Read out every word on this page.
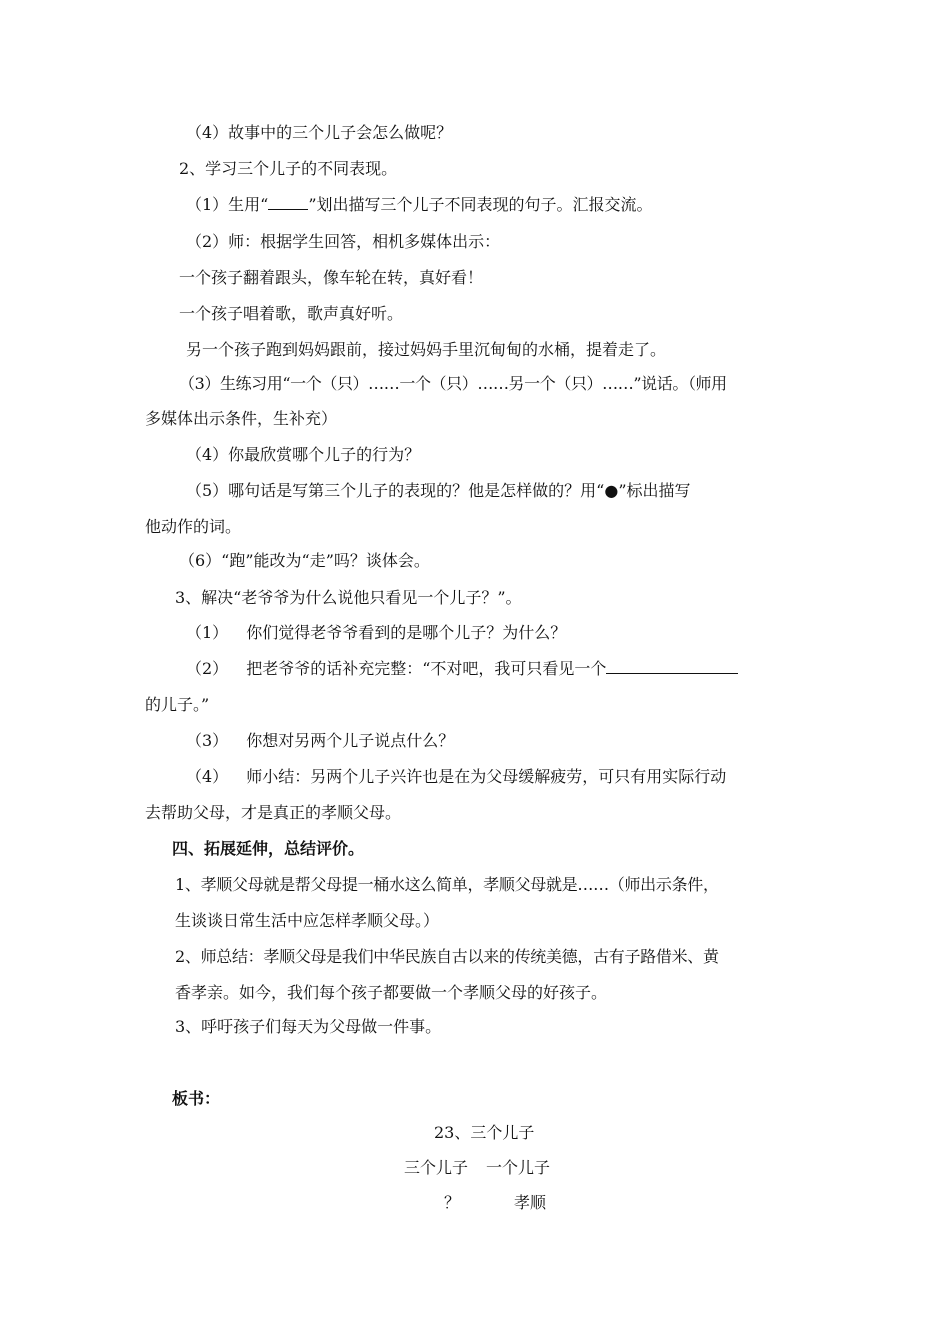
（4）故事中的三个儿子会怎么做呢？
2、学习三个儿子的不同表现。
（1）生用“	”划出描写三个儿子不同表现的句子。汇报交流。
（2）师：根据学生回答，相机多媒体出示：
一个孩子翻着跟头，像车轮在转，真好看！
一个孩子唱着歌，歌声真好听。
另一个孩子跑到妈妈跟前，接过妈妈手里沉甸甸的水桶，提着走了。
（3）生练习用“一个（只）……一个（只）……另一个（只）……”说话。（师用
多媒体出示条件，生补充）
（4）你最欣赏哪个儿子的行为？
（5）哪句话是写第三个儿子的表现的？他是怎样做的？用“●”标出描写
他动作的词。
（6）“跑”能改为“走”吗？谈体会。
3、解决“老爷爷为什么说他只看见一个儿子？”。
（1） 你们觉得老爷爷看到的是哪个儿子？为什么？
（2） 把老爷爷的话补充完整：“不对吧，我可只看见一个
的儿子。”
（3） 你想对另两个儿子说点什么？
（4） 师小结：另两个儿子兴许也是在为父母缓解疲劳，可只有用实际行动
去帮助父母，才是真正的孝顺父母。
四、拓展延伸，总结评价。
1、孝顺父母就是帮父母提一桶水这么简单，孝顺父母就是……（师出示条件，
生谈谈日常生活中应怎样孝顺父母。）
2、师总结：孝顺父母是我们中华民族自古以来的传统美德，古有子路借米、黄
香孝亲。如今，我们每个孩子都要做一个孝顺父母的好孩子。
3、呼吁孩子们每天为父母做一件事。
板书：
23、三个儿子
三个儿子 一个儿子
？	孝顺
